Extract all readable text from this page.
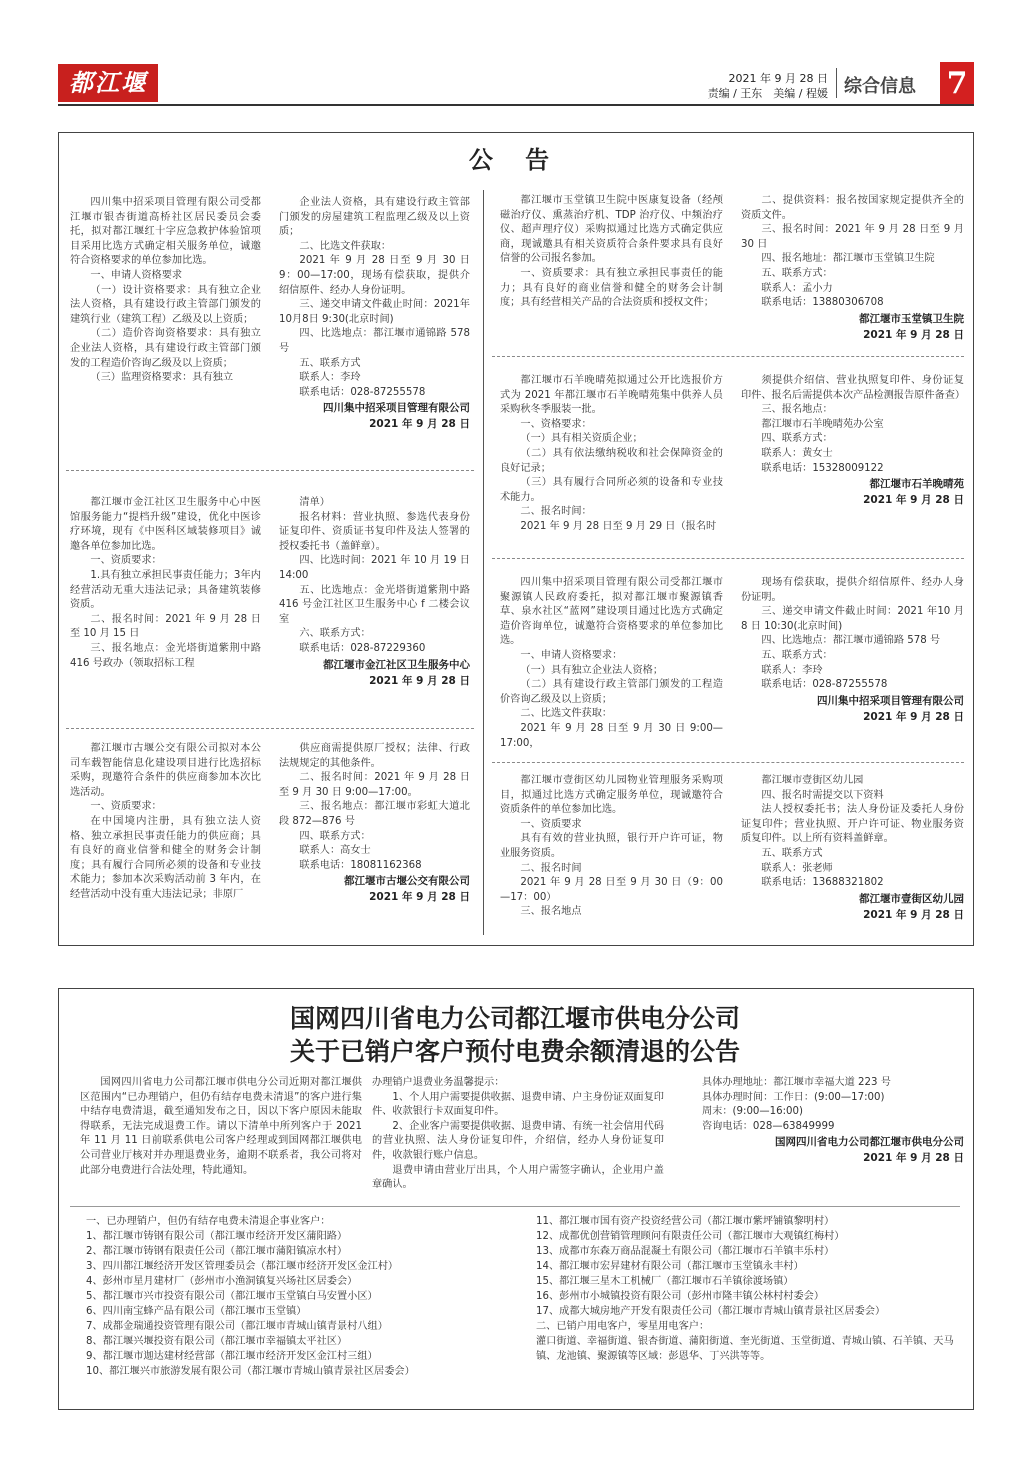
都江堰报
2021 年 9 月 28 日
责编 / 王东　美编 / 程媛 综合信息 7
公 告

四川集中招采项目管理有限公司受都江堰市银杏街道高桥社区居民委员会委托，拟对都江堰红十字应急救护体验馆项目采用比选方式确定相关服务单位，诚邀符合资格要求的单位参加比选。

一、申请人资格要求

（一）设计资格要求：具有独立企业法人资格，具有建设行政主管部门颁发的建筑行业（建筑工程）乙级及以上资质；

（二）造价咨询资格要求：具有独立企业法人资格，具有建设行政主管部门颁发的工程造价咨询乙级及以上资质；

（三）监理资格要求：具有独立

企业法人资格，具有建设行政主管部门颁发的房屋建筑工程监理乙级及以上资质；

二、比选文件获取：

2021 年 9 月 28 日至 9 月 30 日 9：00—17:00，现场有偿获取，提供介绍信原件、经办人身份证明。

三、递交申请文件截止时间：2021年10月8日 9:30(北京时间)

四、比选地点：都江堰市通锦路 578 号

五、联系方式

联系人：李玲

联系电话：028-87255578

四川集中招采项目管理有限公司
2021 年 9 月 28 日

都江堰市金江社区卫生服务中心中医馆服务能力“提档升级”建设，优化中医诊疗环境，现有《中医科区域装修项目》诚邀各单位参加比选。

一、资质要求：

1.具有独立承担民事责任能力；3年内经营活动无重大违法记录；具备建筑装修资质。

二、报名时间：2021 年 9 月 28 日至 10 月 15 日

三、报名地点：金光塔街道紫荆中路 416 号政办（领取招标工程

清单）

报名材料：营业执照、参选代表身份证复印件、资质证书复印件及法人签署的授权委托书（盖鲜章）。

四、比选时间：2021 年 10 月 19 日 14:00

五、比选地点：金光塔街道紫荆中路 416 号金江社区卫生服务中心 f 二楼会议室

六、联系方式：

联系电话：028-87229360

都江堰市金江社区卫生服务中心
2021 年 9 月 28 日

都江堰市古堰公交有限公司拟对本公司车载智能信息化建设项目进行比选招标采购，现邀符合条件的供应商参加本次比选活动。

一、资质要求：

在中国境内注册，具有独立法人资格、独立承担民事责任能力的供应商；具有良好的商业信誉和健全的财务会计制度；具有履行合同所必须的设备和专业技术能力；参加本次采购活动前 3 年内，在经营活动中没有重大违法记录；非原厂

供应商需提供原厂授权；法律、行政法规规定的其他条件。

二、报名时间：2021 年 9 月 28 日至 9 月 30 日 9:00—17:00。

三、报名地点：都江堰市彩虹大道北段 872—876 号

四、联系方式：

联系人：高女士

联系电话：18081162368

都江堰市古堰公交有限公司
2021 年 9 月 28 日

都江堰市玉堂镇卫生院中医康复设备（经颅磁治疗仪、熏蒸治疗机、TDP 治疗仪、中频治疗仪、超声理疗仪）采购拟通过比选方式确定供应商，现诚邀具有相关资质符合条件要求具有良好信誉的公司报名参加。

一、资质要求：具有独立承担民事责任的能力；具有良好的商业信誉和健全的财务会计制度；具有经营相关产品的合法资质和授权文件；

二、提供资料：报名按国家规定提供齐全的资质文件。

三、报名时间：2021 年 9 月 28 日至 9 月 30 日

四、报名地址：都江堰市玉堂镇卫生院

五、联系方式：

联系人：孟小力

联系电话：13880306708

都江堰市玉堂镇卫生院
2021 年 9 月 28 日

都江堰市石羊晚晴苑拟通过公开比选报价方式为 2021 年都江堰市石羊晚晴苑集中供养人员采购秋冬季服装一批。

一、资格要求：

（一）具有相关资质企业；

（二）具有依法缴纳税收和社会保障资金的良好记录；

（三）具有履行合同所必须的设备和专业技术能力。

二、报名时间：

2021 年 9 月 28 日至 9 月 29 日（报名时

须提供介绍信、营业执照复印件、身份证复印件、报名后需提供本次产品检测报告原件备查）

三、报名地点：

都江堰市石羊晚晴苑办公室

四、联系方式：

联系人：黄女士

联系电话：15328009122

都江堰市石羊晚晴苑
2021 年 9 月 28 日

四川集中招采项目管理有限公司受都江堰市聚源镇人民政府委托，拟对都江堰市聚源镇香草、泉水社区“蓝网”建设项目通过比选方式确定造价咨询单位，诚邀符合资格要求的单位参加比选。

一、申请人资格要求：

（一）具有独立企业法人资格；

（二）具有建设行政主管部门颁发的工程造价咨询乙级及以上资质；

二、比选文件获取：

2021 年 9 月 28 日至 9 月 30 日 9:00—17:00，

现场有偿获取，提供介绍信原件、经办人身份证明。

三、递交申请文件截止时间：2021 年10 月 8 日 10:30(北京时间)

四、比选地点：都江堰市通锦路 578 号

五、联系方式：

联系人：李玲

联系电话：028-87255578

四川集中招采项目管理有限公司
2021 年 9 月 28 日

都江堰市壹街区幼儿园物业管理服务采购项目，拟通过比选方式确定服务单位，现诚邀符合资质条件的单位参加比选。

一、资质要求

具有有效的营业执照，银行开户许可证，物业服务资质。

二、报名时间

2021 年 9 月 28 日至 9 月 30 日（9：00—17：00）

三、报名地点

都江堰市壹街区幼儿园

四、报名时需提交以下资料

法人授权委托书；法人身份证及委托人身份证复印件；营业执照、开户许可证、物业服务资质复印件。以上所有资料盖鲜章。

五、联系方式

联系人：张老师

联系电话：13688321802

都江堰市壹街区幼儿园
2021 年 9 月 28 日
国网四川省电力公司都江堰市供电分公司
关于已销户客户预付电费余额清退的公告

国网四川省电力公司都江堰市供电分公司近期对都江堰供区范围内“已办理销户，但仍有结存电费未清退”的客户进行集中结存电费清退，截至通知发布之日，因以下客户原因未能取得联系，无法完成退费工作。请以下清单中所列客户于 2021 年 11 月 11 日前联系供电公司客户经理或到国网都江堰供电公司营业厅核对并办理退费业务，逾期不联系者，我公司将对此部分电费进行合法处理，特此通知。

办理销户退费业务温馨提示：

1、个人用户需要提供收据、退费申请、户主身份证双面复印件、收款银行卡双面复印件。

2、企业客户需要提供收据、退费申请、有统一社会信用代码的营业执照、法人身份证复印件，介绍信，经办人身份证复印件，收款银行账户信息。

退费申请由营业厅出具，个人用户需签字确认，企业用户盖章确认。

具体办理地址：都江堰市幸福大道 223 号

具体办理时间：工作日：(9:00—17:00)

周末：(9:00—16:00)

咨询电话：028—63849999

国网四川省电力公司都江堰市供电分公司
2021 年 9 月 28 日
一、已办理销户，但仍有结存电费未清退企事业客户：
1、都江堰市铸钢有限公司（都江堰市经济开发区蒲阳路）
2、都江堰市铸钢有限责任公司（都江堰市蒲阳镇凉水村）
3、四川都江堰经济开发区管理委员会（都江堰市经济开发区金江村）
4、彭州市星月建材厂（彭州市小渔洞镇复兴场社区居委会）
5、都江堰市兴市投资有限公司（都江堰市玉堂镇白马安置小区）
6、四川南宝蜂产品有限公司（都江堰市玉堂镇）
7、成都金瑞通投资管理有限公司（都江堰市青城山镇青景村八组）
8、都江堰兴堰投资有限公司（都江堰市幸福镇太平社区）
9、都江堰市迦达建材经营部（都江堰市经济开发区金江村三组）
10、都江堰兴市旅游发展有限公司（都江堰市青城山镇青景社区居委会）
11、都江堰市国有资产投资经营公司（都江堰市紫坪铺镇黎明村）
12、成都优创营销管理顾问有限责任公司（都江堰市大观镇红梅村）
13、成都市东森万商品混凝土有限公司（都江堰市石羊镇丰乐村）
14、都江堰市宏昇建材有限公司（都江堰市玉堂镇永丰村）
15、都江堰三星木工机械厂（都江堰市石羊镇徐渡场镇）
16、彭州市小城镇投资有限公司（彭州市隆丰镇公林村村委会）
17、成都大城房地产开发有限责任公司（都江堰市青城山镇青景社区居委会）
二、已销户用电客户，零星用电客户：
灌口街道、幸福街道、银杏街道、蒲阳街道、奎光街道、玉堂街道、青城山镇、石羊镇、天马镇、龙池镇、聚源镇等区域：彭恩华、丁兴洪等等。
